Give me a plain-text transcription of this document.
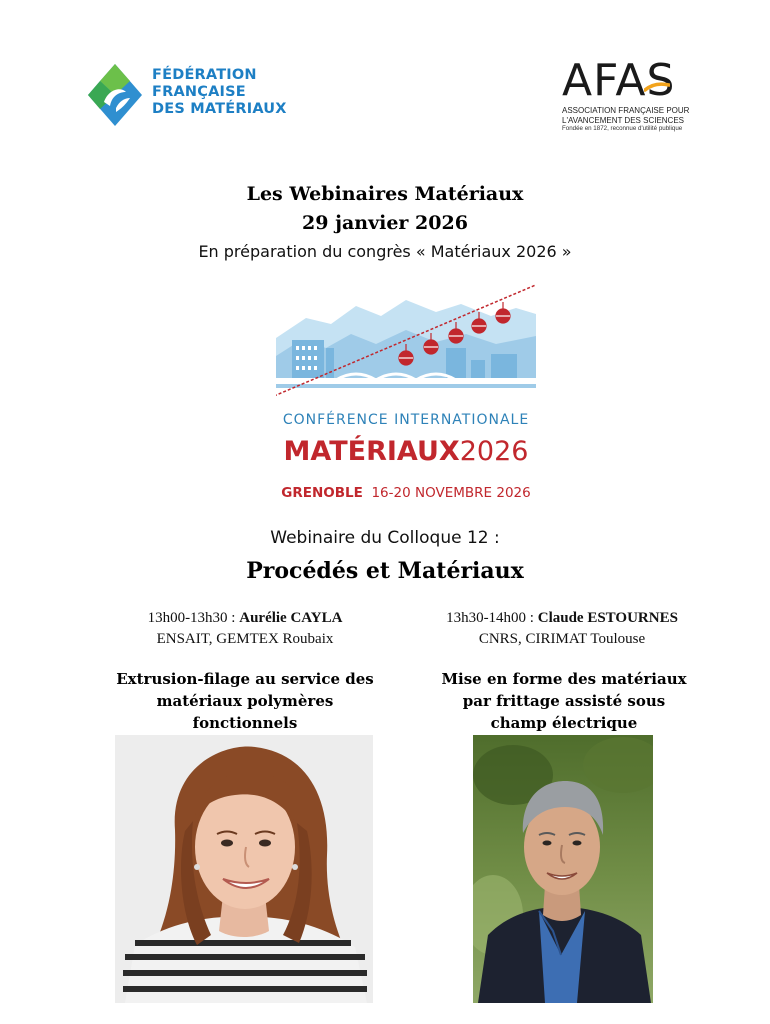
FÉDÉRATION
FRANÇAISE
DES MATÉRIAUX
AFAS
ASSOCIATION FRANÇAISE POUR
L'AVANCEMENT DES SCIENCES
Fondée en 1872, reconnue d'utilité publique
Les Webinaires Matériaux
29 janvier 2026
En préparation du congrès « Matériaux 2026 »
CONFÉRENCE INTERNATIONALE
MATÉRIAUX2026
GRENOBLE 16-20 NOVEMBRE 2026
Webinaire du Colloque 12 :
Procédés et Matériaux
13h00-13h30 : Aurélie CAYLA
ENSAIT, GEMTEX Roubaix
13h30-14h00 : Claude ESTOURNES
CNRS, CIRIMAT Toulouse
Extrusion-filage au service des
matériaux polymères
fonctionnels
Mise en forme des matériaux
par frittage assisté sous
champ électrique
